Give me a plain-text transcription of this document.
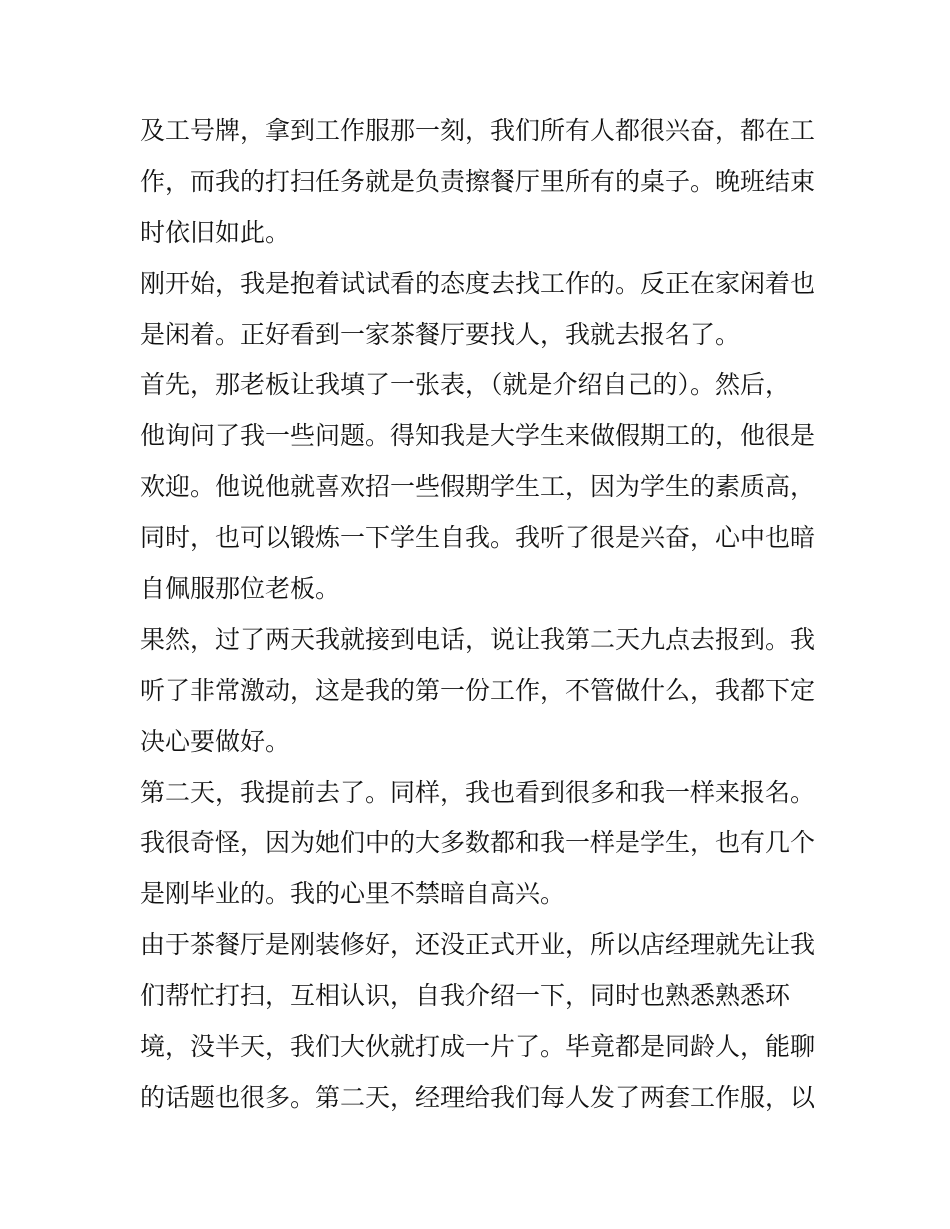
及工号牌，拿到工作服那一刻，我们所有人都很兴奋，都在工
作，而我的打扫任务就是负责擦餐厅里所有的桌子。晚班结束
时依旧如此。
刚开始，我是抱着试试看的态度去找工作的。反正在家闲着也
是闲着。正好看到一家茶餐厅要找人，我就去报名了。
首先，那老板让我填了一张表，（就是介绍自己的）。然后，
他询问了我一些问题。得知我是大学生来做假期工的，他很是
欢迎。他说他就喜欢招一些假期学生工，因为学生的素质高，
同时，也可以锻炼一下学生自我。我听了很是兴奋，心中也暗
自佩服那位老板。
果然，过了两天我就接到电话，说让我第二天九点去报到。我
听了非常激动，这是我的第一份工作，不管做什么，我都下定
决心要做好。
第二天，我提前去了。同样，我也看到很多和我一样来报名。
我很奇怪，因为她们中的大多数都和我一样是学生，也有几个
是刚毕业的。我的心里不禁暗自高兴。
由于茶餐厅是刚装修好，还没正式开业，所以店经理就先让我
们帮忙打扫，互相认识，自我介绍一下，同时也熟悉熟悉环
境，没半天，我们大伙就打成一片了。毕竟都是同龄人，能聊
的话题也很多。第二天，经理给我们每人发了两套工作服，以
